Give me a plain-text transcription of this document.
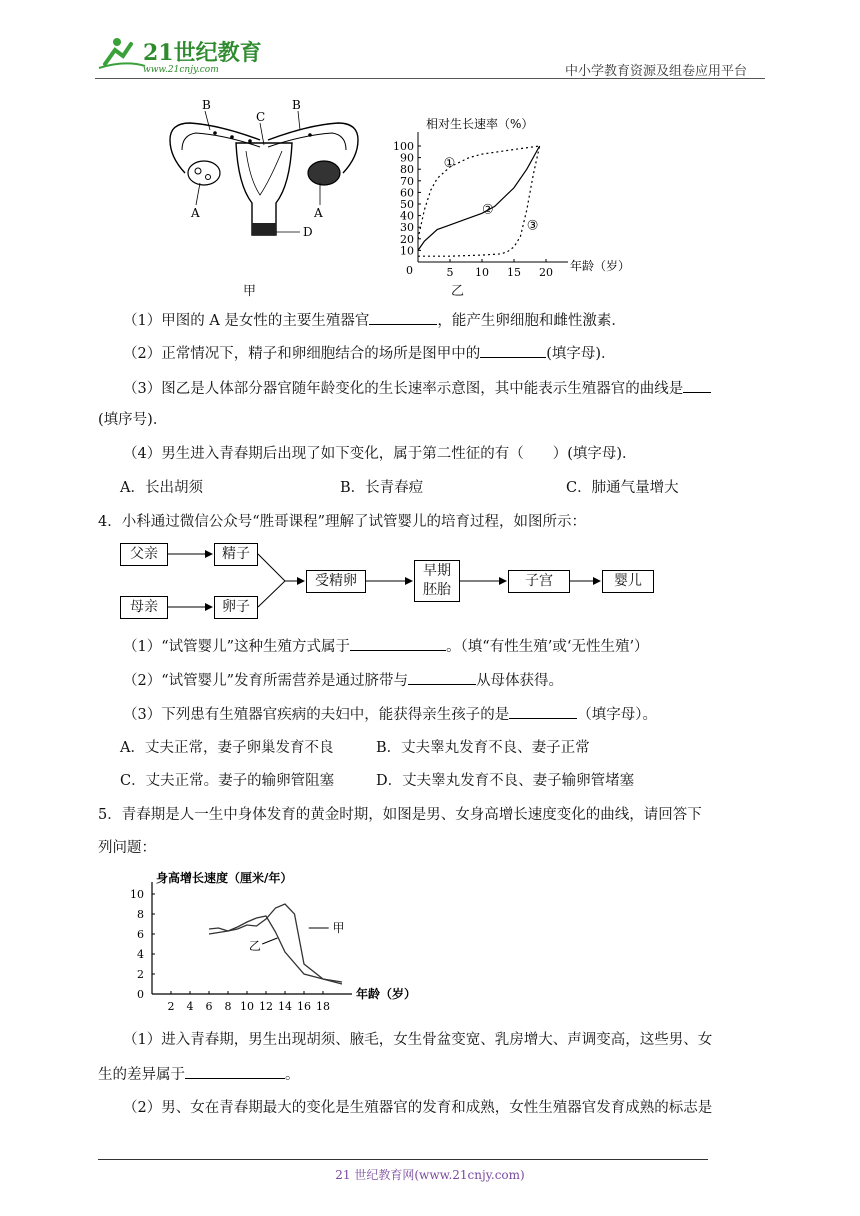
21世纪教育
www.21cnjy.com	中小学教育资源及组卷应用平台
B	B
C
A	A
D
甲
相对生长速率（%）
年龄（岁）
0
10
20
30
40
50
60
70
80
90
100
5 10 15 20
①
②
③
乙
（1）甲图的 A 是女性的主要生殖器官	，能产生卵细胞和雌性激素．
（2）正常情况下，精子和卵细胞结合的场所是图甲中的	(填字母)．
（3）图乙是人体部分器官随年龄变化的生长速率示意图，其中能表示生殖器官的曲线是
(填序号)．
（4）男生进入青春期后出现了如下变化，属于第二性征的有（　　）(填字母)．
A．长出胡须	B．长青春痘	C．肺通气量增大
4．小科通过微信公众号“胜哥课程”理解了试管婴儿的培育过程，如图所示：
父亲	精子
母亲	卵子
受精卵
早期
胚胎
子宫	婴儿
（1）“试管婴儿”这种生殖方式属于	。（填“有性生殖’或‘无性生殖’）
（2）“试管婴儿”发育所需营养是通过脐带与	从母体获得。
（3）下列患有生殖器官疾病的夫妇中，能获得亲生孩子的是	（填字母）。
A．丈夫正常，妻子卵巢发育不良	B．丈夫睾丸发育不良、妻子正常
C．丈夫正常。妻子的输卵管阻塞	D．丈夫睾丸发育不良、妻子输卵管堵塞
5．青春期是人一生中身体发育的黄金时期，如图是男、女身高增长速度变化的曲线，请回答下
列问题：
身高增长速度（厘米/年）
年龄（岁）
0
2
4
6
8
10
2 4 6 8 10 12 14 16 18
甲
乙
（1）进入青春期，男生出现胡须、腋毛，女生骨盆变宽、乳房增大、声调变高，这些男、女
生的差异属于	。
（2）男、女在青春期最大的变化是生殖器官的发育和成熟，女性生殖器官发育成熟的标志是
21 世纪教育网(www.21cnjy.com)
